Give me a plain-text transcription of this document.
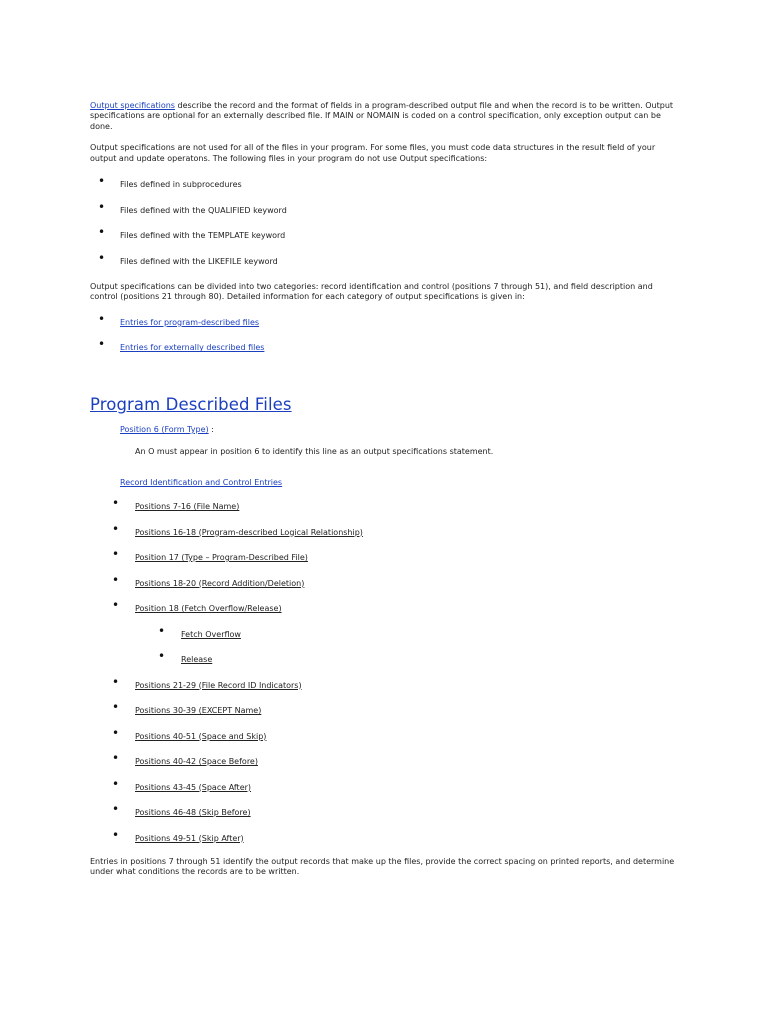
Output specifications describe the record and the format of fields in a program-described output file and when the record is to be written. Output specifications are optional for an externally described file. If MAIN or NOMAIN is coded on a control specification, only exception output can be done.

Output specifications are not used for all of the files in your program. For some files, you must code data structures in the result field of your output and update operatons. The following files in your program do not use Output specifications:

• Files defined in subprocedures
• Files defined with the QUALIFIED keyword
• Files defined with the TEMPLATE keyword
• Files defined with the LIKEFILE keyword

Output specifications can be divided into two categories: record identification and control (positions 7 through 51), and field description and control (positions 21 through 80). Detailed information for each category of output specifications is given in:

• Entries for program-described files
• Entries for externally described files
Program Described Files

Position 6 (Form Type) :

An O must appear in position 6 to identify this line as an output specifications statement.

Record Identification and Control Entries

• Positions 7-16 (File Name)
• Positions 16-18 (Program-described Logical Relationship)
• Position 17 (Type – Program-Described File)
• Positions 18-20 (Record Addition/Deletion)
• Position 18 (Fetch Overflow/Release)
• Fetch Overflow
• Release
• Positions 21-29 (File Record ID Indicators)
• Positions 30-39 (EXCEPT Name)
• Positions 40-51 (Space and Skip)
• Positions 40-42 (Space Before)
• Positions 43-45 (Space After)
• Positions 46-48 (Skip Before)
• Positions 49-51 (Skip After)

Entries in positions 7 through 51 identify the output records that make up the files, provide the correct spacing on printed reports, and determine under what conditions the records are to be written.
